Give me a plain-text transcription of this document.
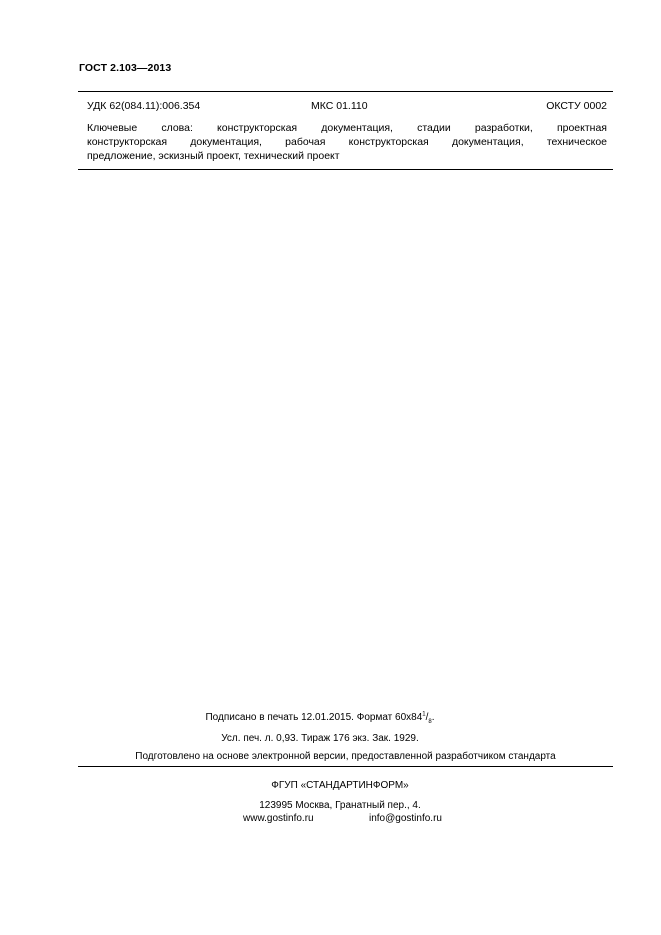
ГОСТ 2.103—2013
УДК 62(084.11):006.354	МКС 01.110	ОКСТУ 0002
Ключевые слова: конструкторская документация, стадии разработки, проектная
конструкторская документация, рабочая конструкторская документация, техническое
предложение, эскизный проект, технический проект
Подписано в печать 12.01.2015. Формат $60х84^1/_8$.
Усл. печ. л. 0,93. Тираж 176 экз. Зак. 1929.
Подготовлено на основе электронной версии, предоставленной разработчиком стандарта
ФГУП «СТАНДАРТИНФОРМ»
123995 Москва, Гранатный пер., 4.
www.gostinfo.ru	info@gostinfo.ru
